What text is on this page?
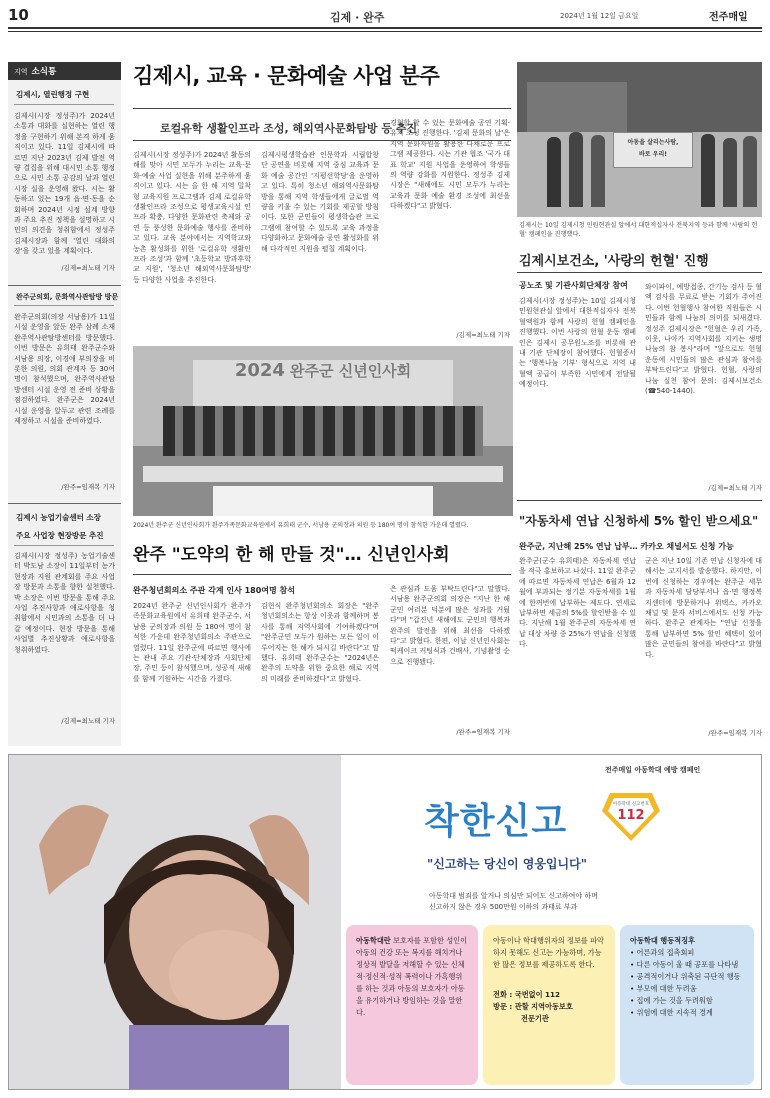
10	김제 · 완주	2024년 1월 12일 금요일	전주매일
지역 소식통
김제시, 열린행정 구현
김제시(시장 정성주)가 2024년 소통과 대화를 실현하는 열린 행정을 구현하기 위해 본격 하게 움직이고 있다. 11일 김제시에 따르면 지난 2023년 김제 발전 역량 결집을 위해 대시민 소통 행정으로 시민 소통 공감의 날과 열린 시장 실을 운영해 왔다. 시는 활동하고 있는 19개 읍·면·동을 순회하며 2024년 시정 설계 방향과 주요 추진 정책을 설명하고 시민의 의견을 청취함에서 정성주 김제시장과 함께 '열린 대화의 장'을 갖고 있을 계획이다.
/김제=최노태 기자
완주군의회, 문화역사관탐방 방문
완주군의회(의장 서남용)가 11일 시설 운영을 앞둔 완주 삼례 소재 완주역사관탐방센터를 방문했다. 이번 방문은 유희태 완주군수와 서남용 의장, 이경애 부의장을 비롯한 의원, 의회 관계자 등 30여 명이 참석했으며, 완주역사관탐방센터 시설 운영 전 준비 상황을 점검하였다. 완주군은 2024년 시설 운영을 앞두고 관련 조례를 제정하고 시설을 준비하였다.
/완주=임재복 기자
김제시 농업기술센터 소장
주요 사업장 현장방문 추진
김제시(시장 정성주) 농업기술센터 박도남 소장이 11일부터 농가현장과 지원 관계회를 주요 사업장 방문과 소통을 향한 실천했다. 박 소장은 이번 방문을 통해 주요사업 추진사항과 애로사항을 청취함에서 시민과의 소통을 더 나갈 예정이다. 현장 방문을 통해 사업별 추진상황과 애로사항을 청취하였다.
/김제=최노태 기자
김제시, 교육 · 문화예술 사업 분주
로컬유학 생활인프라 조성, 해외역사문화탐방 등 추진
김제시(시장 정성주)가 2024년 활동의 해를 맞아 시민 모두가 누리는 교육·문화·예술 사업 실현을 위해 분주하게 움직이고 있다. 시는 올 한 해 지역 밀착형 교육지원 프로그램과 김제 로컬유학 생활인프라 조성으로 평생교육시설 인프라 확충, 다양한 문화관련 축제와 공연 등 풍성한 문화예술 행사를 준비하고 있다. 교육 분야에서는 지역학교와 농촌 활성화를 위한 '로컬유학 생활인프라 조성'과 함께 '초등학교 방과후학교 지원', '청소년 해외역사문화탐방' 등 다양한 사업을 추진한다.
김제시평생학습관 인문학과 시립합창단 공연을 비롯해 지역 중심 교육과 문화 예술 공간인 '지평선학당'을 운영하고 있다. 특히 청소년 해외역사문화탐방을 통해 지역 학생들에게 글로벌 역량을 키울 수 있는 기회를 제공할 방침이다. 또한 군민들이 평생학습관 프로그램에 참여할 수 있도록 교육 과정을 다양화하고 문화예술 공연 활성화를 위해 다각적인 지원을 펼칠 계획이다.
경험할 할 수 있는 문화예술 공연 기획·유치 조성 진행한다. '김제 문화의 날'은 지역 문화자원을 활용한 다채로운 프로그램 제공한다. 시는 기관 협조 '국가 대표 학교' 지원 사업을 운영하여 학생들의 역량 강화를 지원한다. 정성주 김제시장은 "새해에도 시민 모두가 누리는 교육과 문화 예술 환경 조성에 최선을 다하겠다"고 밝혔다.
/김제=최노태 기자
아동을 살리는사람,
바로 우리!
김제시는 10일 김제시청 민원현관실 앞에서 대한적십자사 전북지역 등과 함께 '사람의 헌혈' 캠페인을 진행했다.
김제시보건소, '사랑의 헌혈' 진행
공노조 및 기관사회단체장 참여
김제시(시장 정성주)는 10일 김제시청 민원현관실 앞에서 대한적십자사 전북혈액원과 함께 사랑의 헌혈 캠페인을 진행했다. 이번 사랑의 헌혈 운동 캠페인은 김제시 공무원노조를 비롯해 관내 기관 단체장이 참여했다. 헌혈증서는 '행복나눔 기부' 형식으로 지역 내 혈액 공급이 부족한 시민에게 전달될 예정이다.
와이파이, 예방접종, 간기능 검사 등 혈액 검사를 무료로 받는 기회가 주어진다. 이번 헌혈행사 참여한 직원들은 시민들과 함께 나눔의 의미를 되새겼다. 정성주 김제시장은 "헌혈은 우리 가족, 이웃, 나아가 지역사회를 지키는 생명 나눔의 참 봉사"라며 "앞으로도 헌혈 운동에 시민들의 많은 관심과 참여를 부탁드린다"고 밝혔다. 헌혈, 사랑의 나눔 실천 참여 문의: 김제시보건소(☎540-1440).
/김제=최노태 기자
2024 완주군 신년인사회
2024년 완주군 신년인사회가 완주가족문화교육원에서 유희태 군수, 서남용 군의장과 의원 등 180여 명이 참석한 가운데 열렸다.
완주 "도약의 한 해 만들 것"… 신년인사회
완주청년회의소 주관 각계 인사 180여명 참석
2024년 완주군 신년인사회가 완주가족문화교육원에서 유희태 완주군수, 서남용 군의장과 의원 등 180여 명이 참석한 가운데 완주청년회의소 주관으로 열렸다. 11일 완주군에 따르면 행사에는 관내 주요 기관·단체장과 사회단체장, 주민 등이 참석했으며, 성공적 새해를 함께 기원하는 시간을 가졌다.
김현식 완주청년회의소 회장은 "완주청년회의소는 항상 이웃과 함께하며 봉사를 통해 지역사회에 기여하겠다"며 "완주군민 모두가 원하는 모든 일이 이루어지는 한 해가 되시길 바란다"고 말했다. 유희태 완주군수는 "2024년은 완주의 도약을 위한 중요한 해로 지역의 미래를 준비하겠다"고 밝혔다.
은 관심과 도움 부탁드린다"고 말했다. 서남용 완주군의회 의장은 "지난 한 해 군민 여러분 덕분에 많은 성과를 거뒀다"며 "갑진년 새해에도 군민의 행복과 완주의 발전을 위해 최선을 다하겠다"고 밝혔다. 한편, 이날 신년인사회는 떡케이크 커팅식과 건배사, 기념촬영 순으로 진행됐다.
/완주=임재복 기자
"자동차세 연납 신청하세 5% 할인 받으세요"
완주군, 지난해 25% 연납 납부… 카카오 채널서도 신청 가능
완주군(군수 유희태)은 자동차세 연납을 적극 홍보하고 나섰다. 11일 완주군에 따르면 자동차세 연납은 6월과 12월에 부과되는 정기분 자동차세를 1월에 한꺼번에 납부하는 제도다. 연세로 납부하면 세금의 5%를 할인받을 수 있다. 지난해 1월 완주군의 자동차세 연납 대상 차량 중 25%가 연납을 신청했다.
군은 지난 10일 기존 연납 신청자에 대해서는 고지서를 발송했다. 하지만, 이번에 신청하는 경우에는 완주군 세무과 자동차세 담당부서나 읍·면 행정복지센터에 방문하거나 위택스, 카카오채널 및 문자 서비스에서도 신청 가능하다. 완주군 관계자는 "연납 신청을 통해 납부하면 5% 할인 혜택이 있어 많은 군민들의 참여를 바란다"고 밝혔다.
/완주=임재복 기자
전주매일 아동학대 예방 캠페인
착한신고	아동학대 신고번호
112
"신고하는 당신이 영웅입니다"
아동학대 범죄를 알거나 의심만 되어도 신고하여야 하며
신고하지 않은 경우 500만원 이하의 과태료 부과
아동학대란 보호자를 포함한 성인이 아동의 건강 또는 복지를 해치거나 정상적 발달을 저해할 수 있는 신체적·정신적·성적 폭력이나 가혹행위를 하는 것과 아동의 보호자가 아동을 유기하거나 방임하는 것을 말한다.
아동이나 학대행위자의 정보를 파악하지 못해도 신고는 가능하며, 가능한 많은 정보를 제공하도록 한다.
전화 : 국번없이 112
방문 : 관할 지역아동보호
전문기관
아동학대 행동적징후
• 어른과의 접촉회피
• 다른 아동이 울 때 공포를 나타냄
• 공격적이거나 위축된 극단적 행동
• 부모에 대한 두려움
• 집에 가는 것을 두려워함
• 위험에 대한 지속적 경계
